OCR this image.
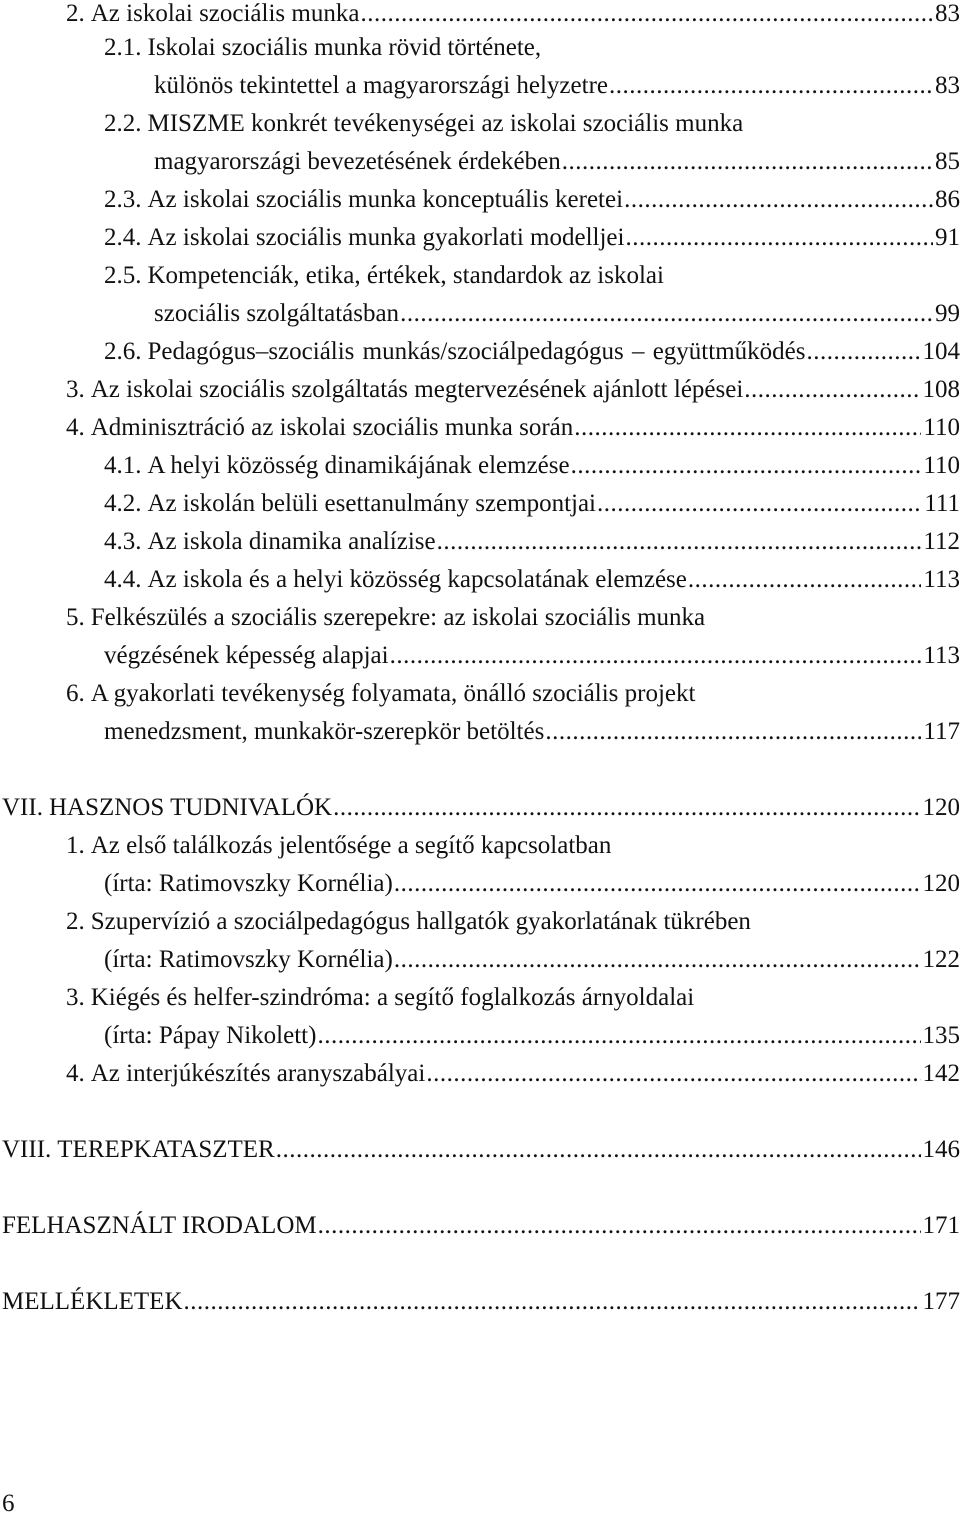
2. Az iskolai szociális munka .....	83
2.1. Iskolai szociális munka rövid története,
különös tekintettel a magyarországi helyzetre .....	83
2.2. MISZME konkrét tevékenységei az iskolai szociális munka
magyarországi bevezetésének érdekében .....	85
2.3. Az iskolai szociális munka konceptuális keretei .....	86
2.4. Az iskolai szociális munka gyakorlati modelljei .....	91
2.5. Kompetenciák, etika, értékek, standardok az iskolai
szociális szolgáltatásban .....	99
2.6. Pedagógus–szociális munkás/szociálpedagógus – együttműködés .....	104
3. Az iskolai szociális szolgáltatás megtervezésének ajánlott lépései .....	108
4. Adminisztráció az iskolai szociális munka során .....	110
4.1. A helyi közösség dinamikájának elemzése .....	110
4.2. Az iskolán belüli esettanulmány szempontjai .....	111
4.3. Az iskola dinamika analízise .....	112
4.4. Az iskola és a helyi közösség kapcsolatának elemzése .....	113
5. Felkészülés a szociális szerepekre: az iskolai szociális munka
végzésének képesség alapjai .....	113
6. A gyakorlati tevékenység folyamata, önálló szociális projekt
menedzsment, munkakör-szerepkör betöltés .....	117
VII. HASZNOS TUDNIVALÓK .....	120
1. Az első találkozás jelentősége a segítő kapcsolatban
(írta: Ratimovszky Kornélia) .....	120
2. Szupervízió a szociálpedagógus hallgatók gyakorlatának tükrében
(írta: Ratimovszky Kornélia) .....	122
3. Kiégés és helfer-szindróma: a segítő foglalkozás árnyoldalai
(írta: Pápay Nikolett) .....	135
4. Az interjúkészítés aranyszabályai .....	142
VIII. TEREPKATASZTER .....	146
FELHASZNÁLT IRODALOM .....	171
MELLÉKLETEK .....	177
6
